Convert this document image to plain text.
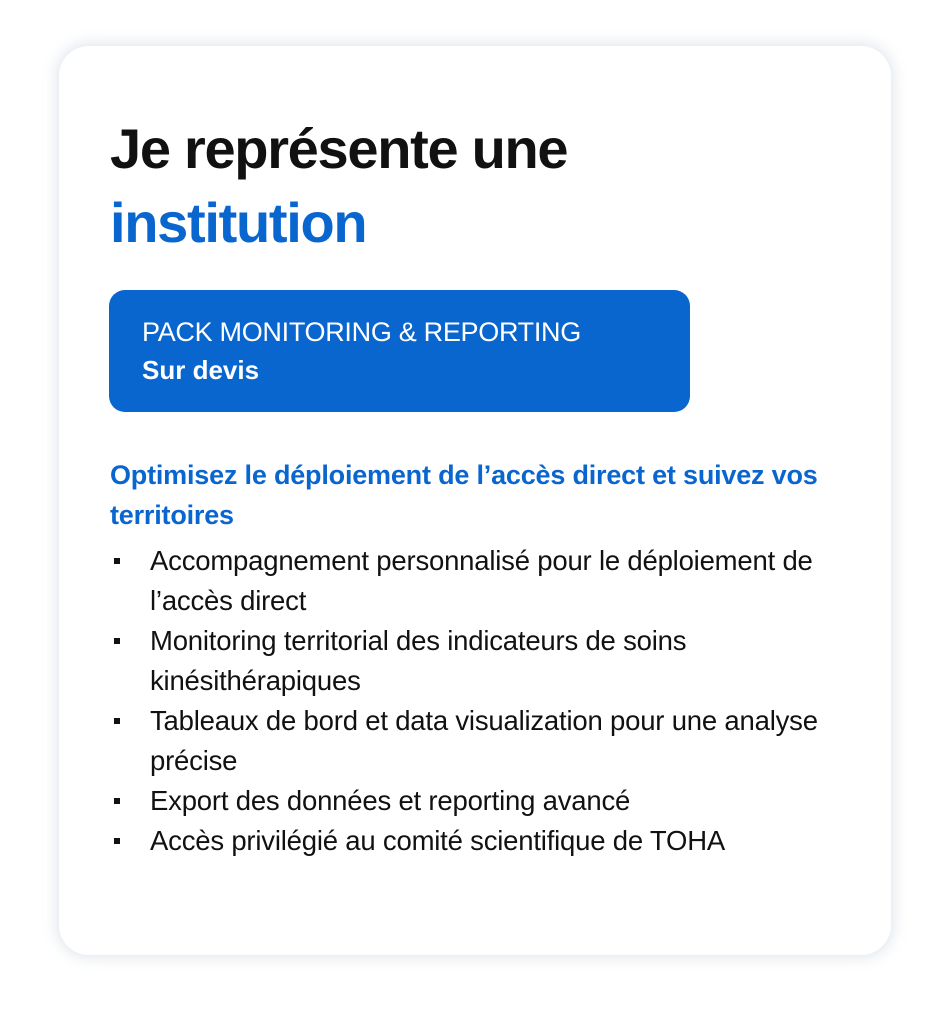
Je représente une
institution
PACK MONITORING & REPORTING
Sur devis

Optimisez le déploiement de l’accès direct et suivez vos territoires

Accompagnement personnalisé pour le déploiement de l’accès direct
Monitoring territorial des indicateurs de soins kinésithérapiques
Tableaux de bord et data visualization pour une analyse précise
Export des données et reporting avancé
Accès privilégié au comité scientifique de TOHA
